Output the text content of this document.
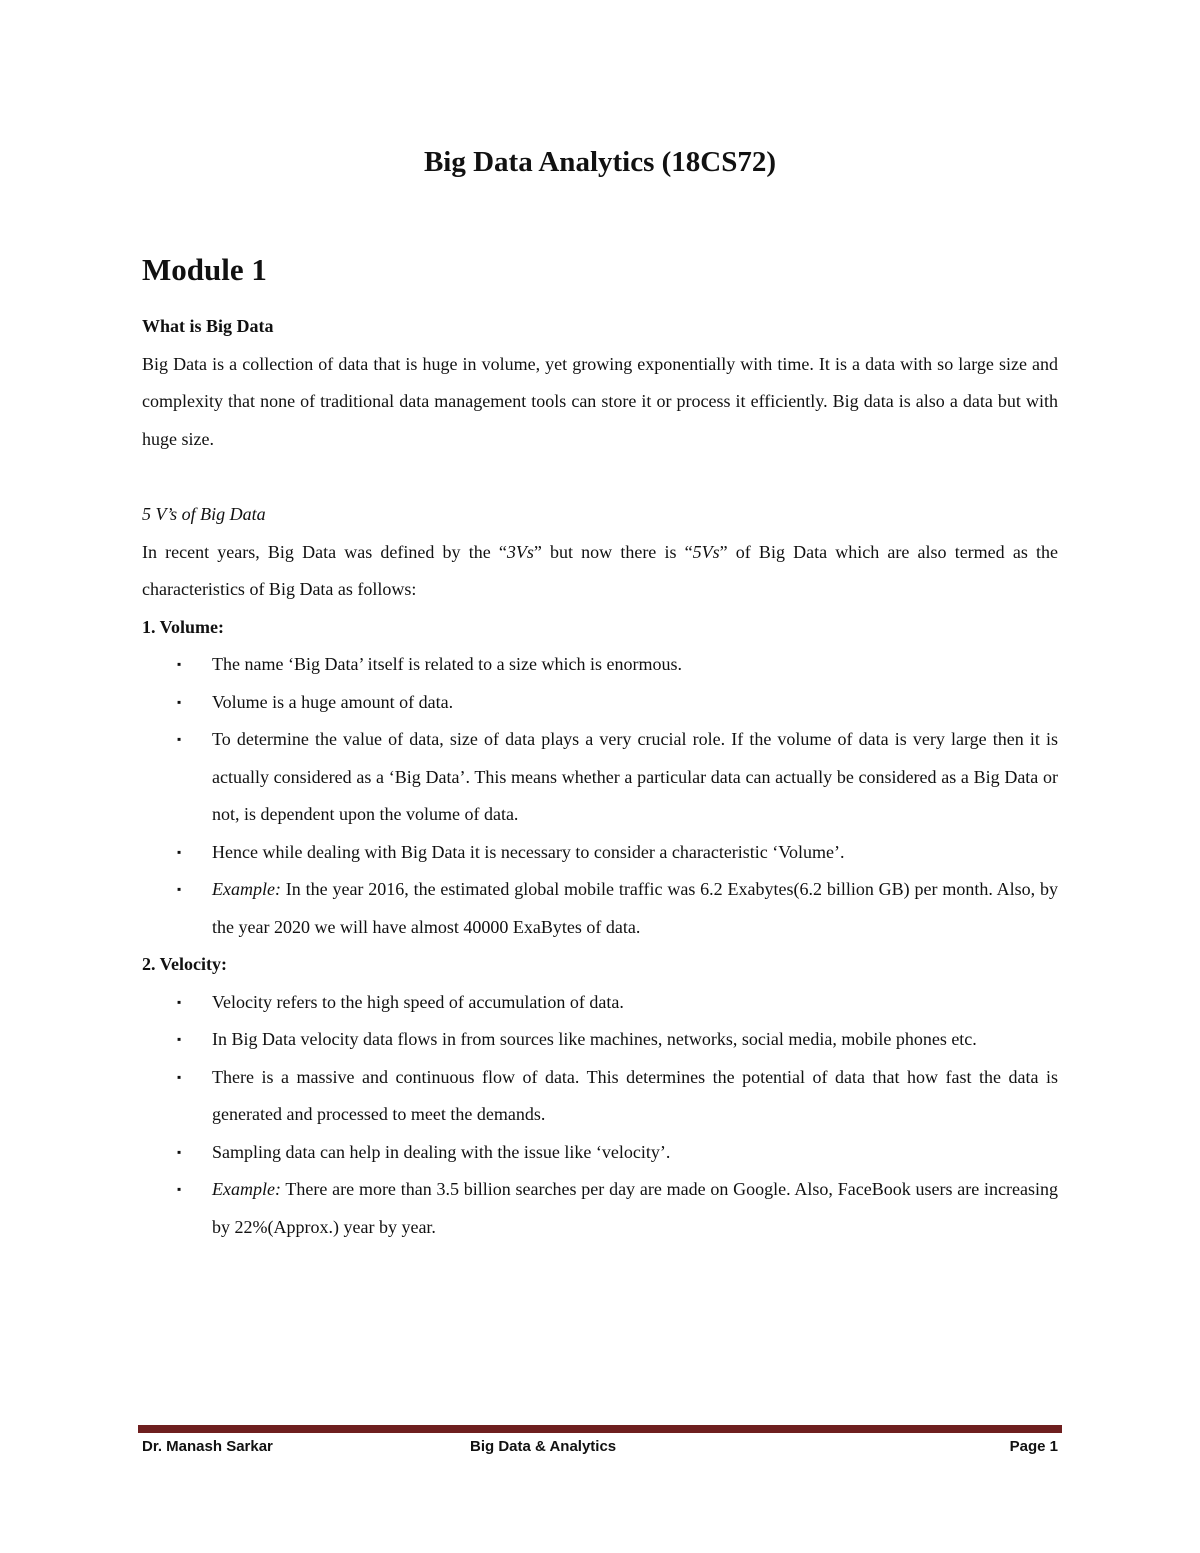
Big Data Analytics (18CS72)
Module 1
What is Big Data

Big Data is a collection of data that is huge in volume, yet growing exponentially with time. It is a data with so large size and complexity that none of traditional data management tools can store it or process it efficiently. Big data is also a data but with huge size.

5 V’s of Big Data

In recent years, Big Data was defined by the “3Vs” but now there is “5Vs” of Big Data which are also termed as the characteristics of Big Data as follows:

1. Volume:
▪ The name ‘Big Data’ itself is related to a size which is enormous.
▪ Volume is a huge amount of data.
▪ To determine the value of data, size of data plays a very crucial role. If the volume of data is very large then it is actually considered as a ‘Big Data’. This means whether a particular data can actually be considered as a Big Data or not, is dependent upon the volume of data.
▪ Hence while dealing with Big Data it is necessary to consider a characteristic ‘Volume’.
▪ Example: In the year 2016, the estimated global mobile traffic was 6.2 Exabytes(6.2 billion GB) per month. Also, by the year 2020 we will have almost 40000 ExaBytes of data.
2. Velocity:
▪ Velocity refers to the high speed of accumulation of data.
▪ In Big Data velocity data flows in from sources like machines, networks, social media, mobile phones etc.
▪ There is a massive and continuous flow of data. This determines the potential of data that how fast the data is generated and processed to meet the demands.
▪ Sampling data can help in dealing with the issue like ‘velocity’.
▪ Example: There are more than 3.5 billion searches per day are made on Google. Also, FaceBook users are increasing by 22%(Approx.) year by year.
Dr. Manash Sarkar	Big Data & Analytics	Page 1
